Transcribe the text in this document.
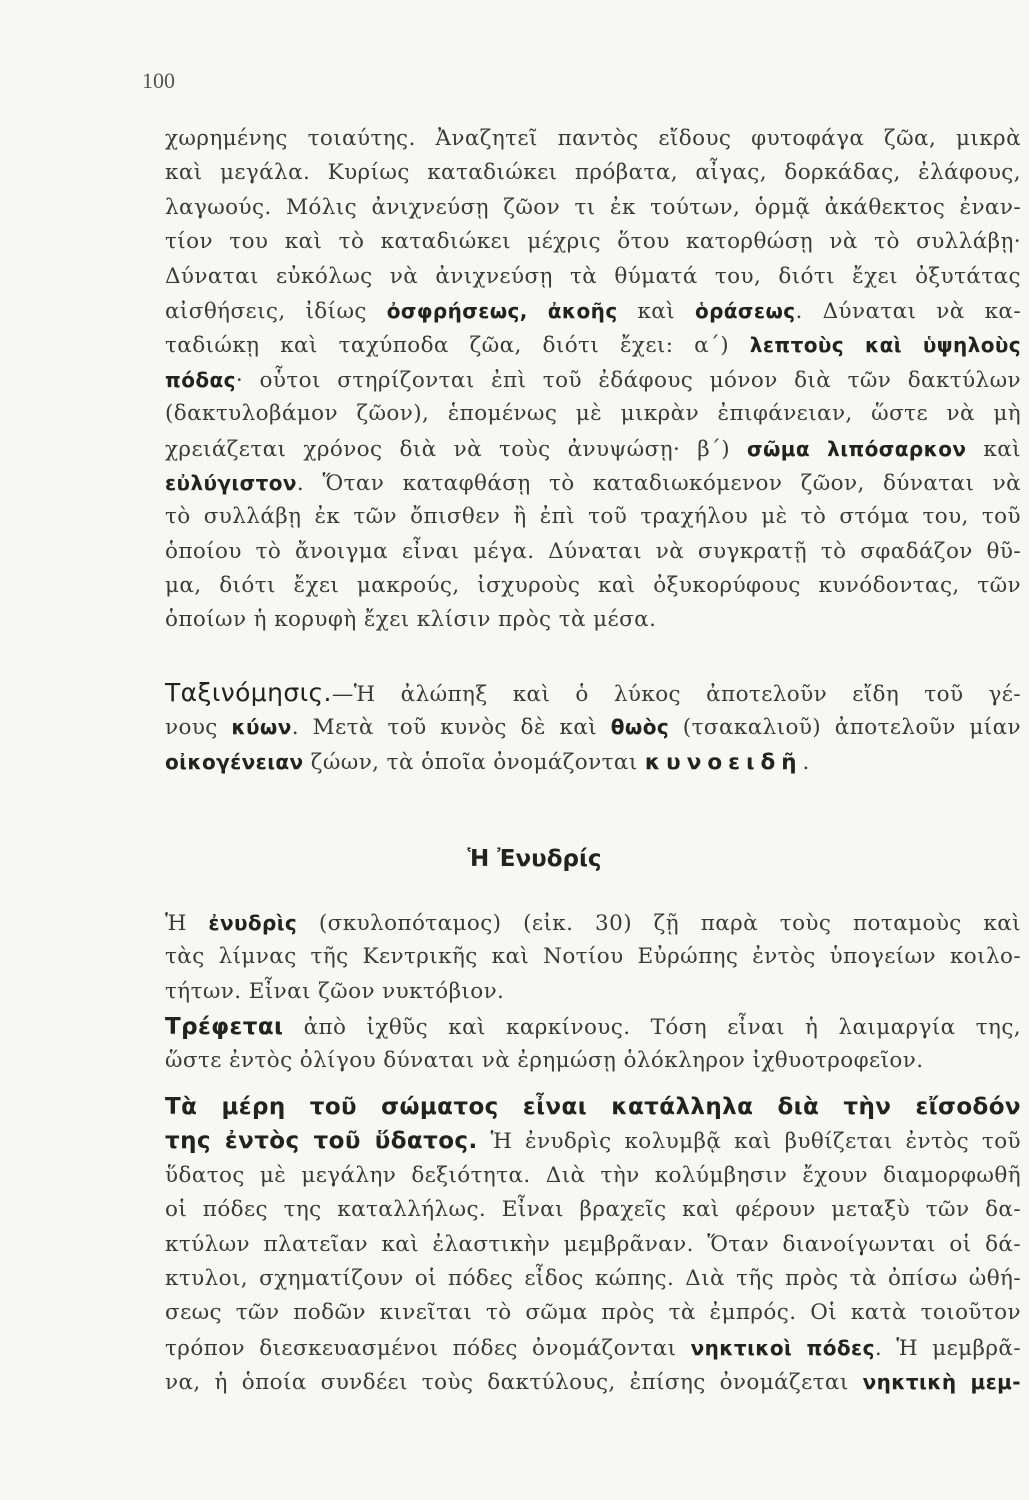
100
χωρημένης τοιαύτης. Ἀναζητεῖ παντὸς εἴδους φυτοφάγα ζῶα, μικρὰ
καὶ μεγάλα. Κυρίως καταδιώκει πρόβατα, αἶγας, δορκάδας, ἐλάφους,
λαγωούς. Μόλις ἀνιχνεύσῃ ζῶον τι ἐκ τούτων, ὁρμᾷ ἀκάθεκτος ἐναν-
τίον του καὶ τὸ καταδιώκει μέχρις ὅτου κατορθώσῃ νὰ τὸ συλλάβῃ·
Δύναται εὐκόλως νὰ ἀνιχνεύσῃ τὰ θύματά του, διότι ἔχει ὀξυτάτας
αἰσθήσεις, ἰδίως ὀσφρήσεως, ἀκοῆς καὶ ὁράσεως. Δύναται νὰ κα-
ταδιώκῃ καὶ ταχύποδα ζῶα, διότι ἔχει: α΄) λεπτοὺς καὶ ὑψηλοὺς
πόδας· οὗτοι στηρίζονται ἐπὶ τοῦ ἐδάφους μόνον διὰ τῶν δακτύλων
(δακτυλοβάμον ζῶον), ἑπομένως μὲ μικρὰν ἐπιφάνειαν, ὥστε νὰ μὴ
χρειάζεται χρόνος διὰ νὰ τοὺς ἀνυψώσῃ· β΄) σῶμα λιπόσαρκον καὶ
εὐλύγιστον. Ὅταν καταφθάσῃ τὸ καταδιωκόμενον ζῶον, δύναται νὰ
τὸ συλλάβῃ ἐκ τῶν ὄπισθεν ἢ ἐπὶ τοῦ τραχήλου μὲ τὸ στόμα του, τοῦ
ὁποίου τὸ ἄνοιγμα εἶναι μέγα. Δύναται νὰ συγκρατῇ τὸ σφαδάζον θῦ-
μα, διότι ἔχει μακρούς, ἰσχυροὺς καὶ ὀξυκορύφους κυνόδοντας, τῶν
ὁποίων ἡ κορυφὴ ἔχει κλίσιν πρὸς τὰ μέσα.
Ταξινόμησις.—Ἡ ἀλώπηξ καὶ ὁ λύκος ἀποτελοῦν εἴδη τοῦ γέ-
νους κύων. Μετὰ τοῦ κυνὸς δὲ καὶ θωὸς (τσακαλιοῦ) ἀποτελοῦν μίαν
οἰκογένειαν ζώων, τὰ ὁποῖα ὀνομάζονται κυνοειδῆ.
Ἡ Ἐνυδρίς
Ἡ ἐνυδρὶς (σκυλοπόταμος) (εἰκ. 30) ζῇ παρὰ τοὺς ποταμοὺς καὶ
τὰς λίμνας τῆς Κεντρικῆς καὶ Νοτίου Εὐρώπης ἐντὸς ὑπογείων κοιλο-
τήτων. Εἶναι ζῶον νυκτόβιον.
Τρέφεται ἀπὸ ἰχθῦς καὶ καρκίνους. Τόση εἶναι ἡ λαιμαργία της,
ὥστε ἐντὸς ὀλίγου δύναται νὰ ἐρημώσῃ ὁλόκληρον ἰχθυοτροφεῖον.
Τὰ μέρη τοῦ σώματος εἶναι κατάλληλα διὰ τὴν εἴσοδόν
της ἐντὸς τοῦ ὕδατος. Ἡ ἐνυδρὶς κολυμβᾷ καὶ βυθίζεται ἐντὸς τοῦ
ὕδατος μὲ μεγάλην δεξιότητα. Διὰ τὴν κολύμβησιν ἔχουν διαμορφωθῆ
οἱ πόδες της καταλλήλως. Εἶναι βραχεῖς καὶ φέρουν μεταξὺ τῶν δα-
κτύλων πλατεῖαν καὶ ἐλαστικὴν μεμβρᾶναν. Ὅταν διανοίγωνται οἱ δά-
κτυλοι, σχηματίζουν οἱ πόδες εἶδος κώπης. Διὰ τῆς πρὸς τὰ ὀπίσω ὠθή-
σεως τῶν ποδῶν κινεῖται τὸ σῶμα πρὸς τὰ ἐμπρός. Οἱ κατὰ τοιοῦτον
τρόπον διεσκευασμένοι πόδες ὀνομάζονται νηκτικοὶ πόδες. Ἡ μεμβρᾶ-
να, ἡ ὁποία συνδέει τοὺς δακτύλους, ἐπίσης ὀνομάζεται νηκτικὴ μεμ-
